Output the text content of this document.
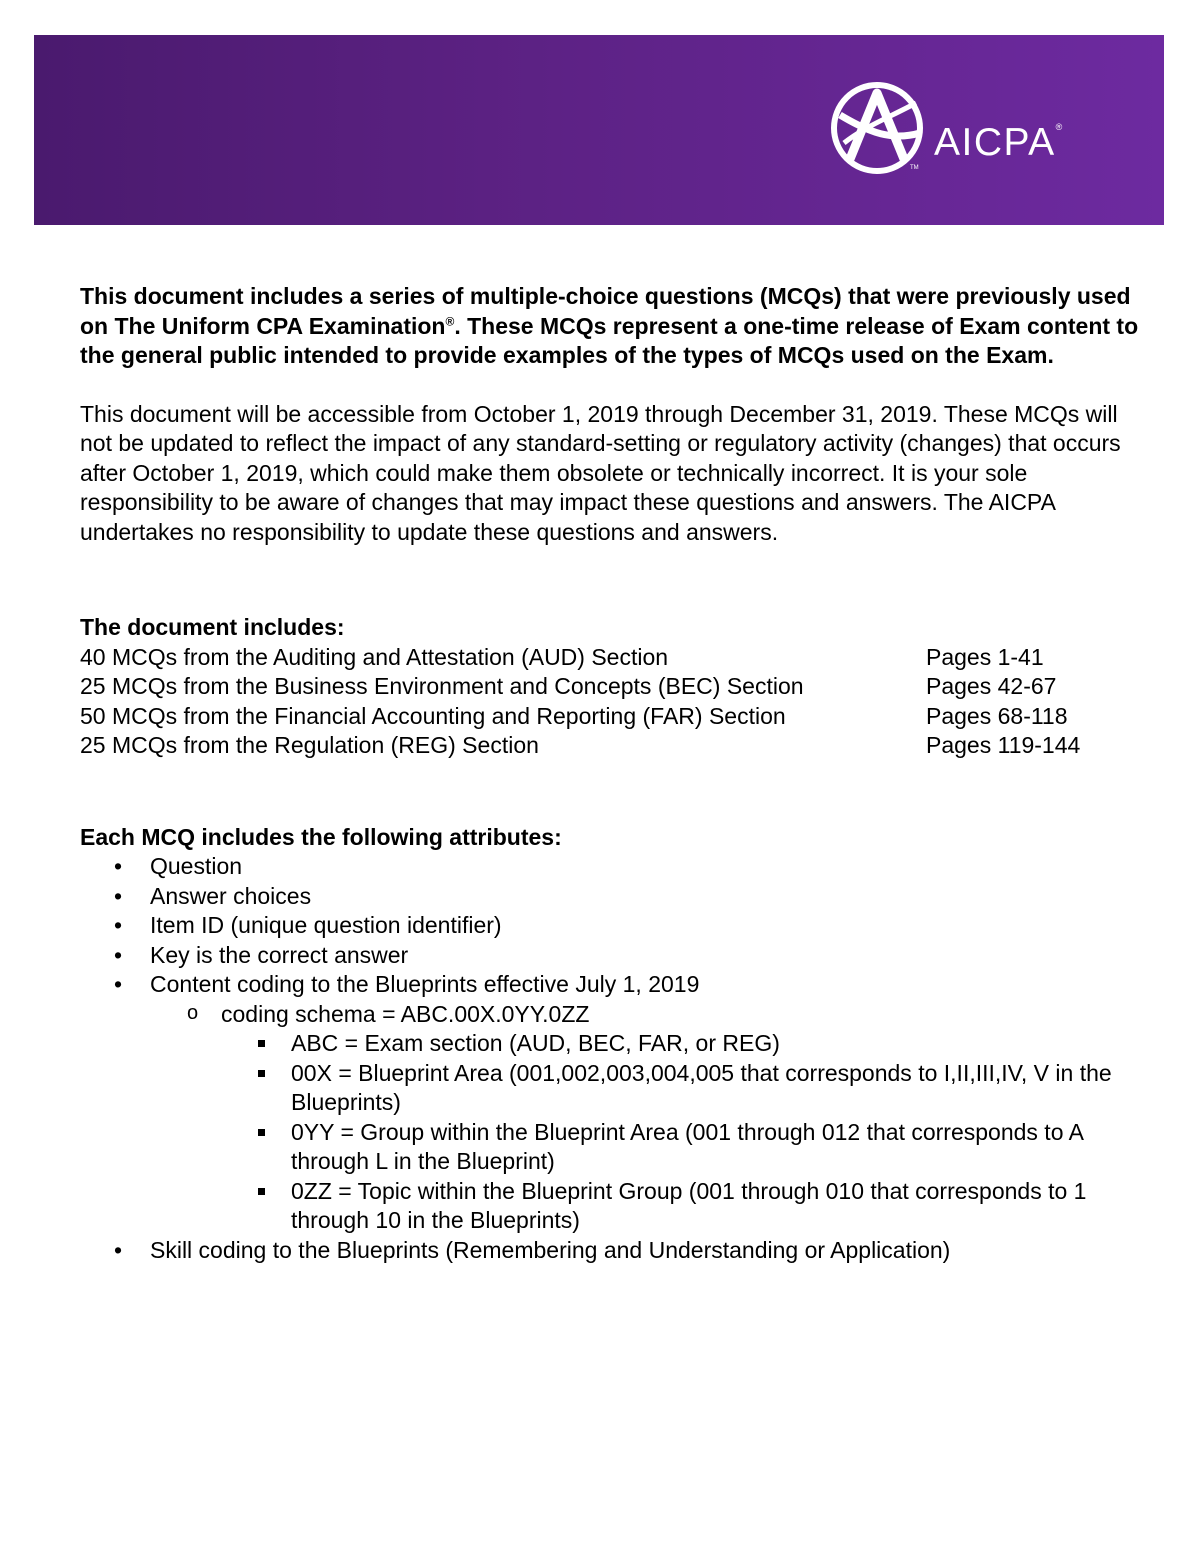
TM
AICPA®

This document includes a series of multiple-choice questions (MCQs) that were previously used on The Uniform CPA Examination®. These MCQs represent a one-time release of Exam content to the general public intended to provide examples of the types of MCQs used on the Exam.

This document will be accessible from October 1, 2019 through December 31, 2019. These MCQs will not be updated to reflect the impact of any standard-setting or regulatory activity (changes) that occurs after October 1, 2019, which could make them obsolete or technically incorrect. It is your sole responsibility to be aware of changes that may impact these questions and answers. The AICPA undertakes no responsibility to update these questions and answers.

The document includes:

40 MCQs from the Auditing and Attestation (AUD) Section	Pages 1-41
25 MCQs from the Business Environment and Concepts (BEC) Section	Pages 42-67
50 MCQs from the Financial Accounting and Reporting (FAR) Section	Pages 68-118
25 MCQs from the Regulation (REG) Section	Pages 119-144

Each MCQ includes the following attributes:

• Question
• Answer choices
• Item ID (unique question identifier)
• Key is the correct answer
• Content coding to the Blueprints effective July 1, 2019
o coding schema = ABC.00X.0YY.0ZZ
ABC = Exam section (AUD, BEC, FAR, or REG)
00X = Blueprint Area (001,002,003,004,005 that corresponds to I,II,III,IV, V in the Blueprints)
0YY = Group within the Blueprint Area (001 through 012 that corresponds to A through L in the Blueprint)
0ZZ = Topic within the Blueprint Group (001 through 010 that corresponds to 1 through 10 in the Blueprints)
• Skill coding to the Blueprints (Remembering and Understanding or Application)
